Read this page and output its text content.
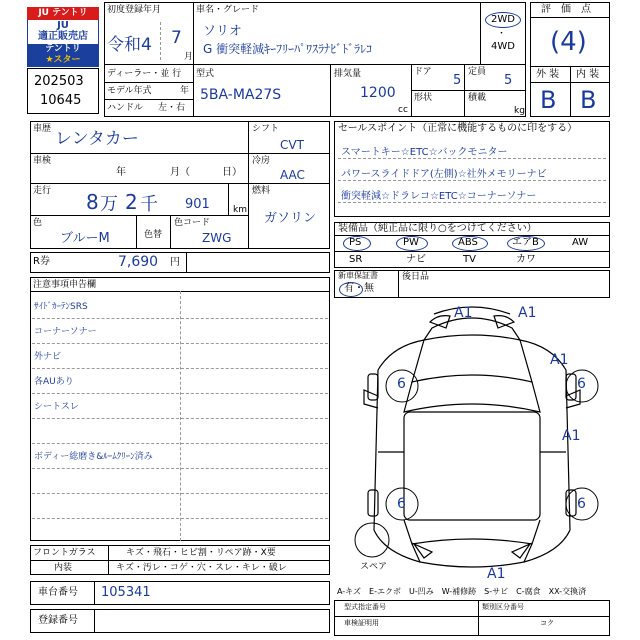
JU テントリ
JU
適正販売店
テントリ
★スター
202503
10645
初度登録年月
令和4 7
月
車名・グレード
ソリオ
G 衝突軽減ｷｰﾌﾘｰﾊﾟﾜｽﾗﾅﾋﾞﾄﾞﾗﾚｺ
2WD
・
4WD
ディーラー・並 行
モデル年式	年
ハンドル 左・右
型式
5BA-MA27S
排気量
1200
cc
ドア
5
定員
5
形状	積載
kg
評　価　点
(4)
外 装 内 装
B B
車歴 レンタカー
車検
年	月（	日）
走行 8 万 2 千 901	km
色
ブルーM	色替
色コード
ZWG
シフト
CVT
冷房
AAC
燃料
ガソリン
R券	7,690 円
セールスポイント（正常に機能するものに印をする）
スマートキー☆ETC☆バックモニター
パワースライドドア(左側)☆社外メモリーナビ
衝突軽減☆ドラレコ☆ETC☆コーナーソナー
装備品（純正品に限り○をつけてください）
PS	PW	ABS	エアB	AW
SR	ナビ	TV	カワ
新車保証書
有・無
後日品
注意事項申告欄
ｻｲﾄﾞｶｰﾃﾝSRS
コーナーソナー
外ナビ
各AUあり
シートスレ
ボディー総磨き&ﾙｰﾑｸﾘｰﾝ済み
A1	A1
A1
A1
A1
6	6
6	6
スペア
フロントガラス	キズ・飛石・ヒビ割・リペア跡・X要
内装	キズ・汚レ・コゲ・穴・スレ・キレ・破レ
車台番号 105341
登録番号
A-キズ　E-エクボ　U-凹み　W-補修跡　S-サビ　C-腐食　XX-交換済
型式指定番号	類別区分番号
車検証明用	コク
